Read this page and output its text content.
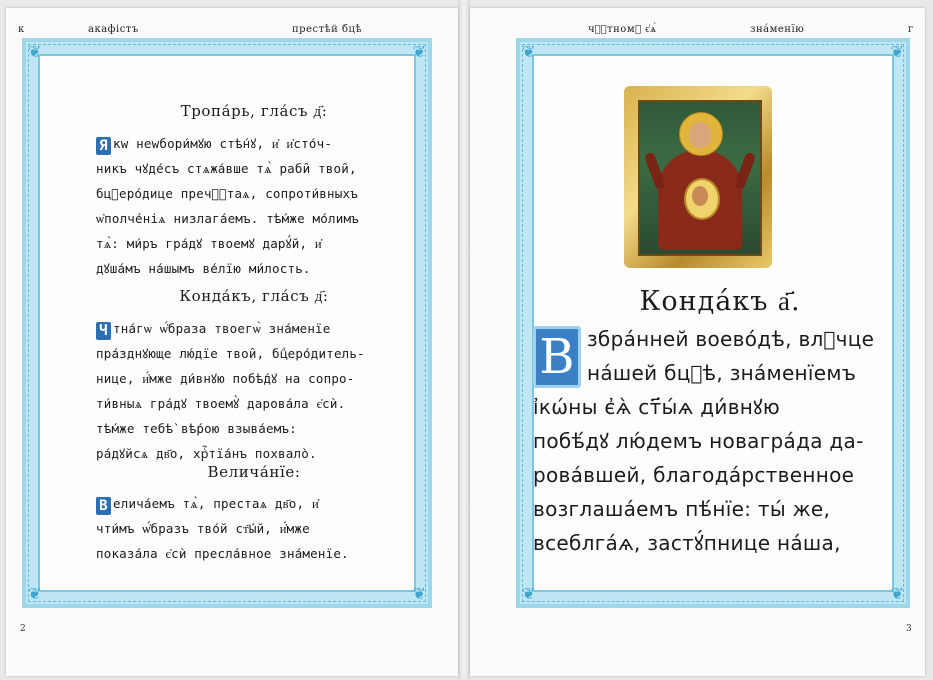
к	акафістъ	престѣй бцѣ
2
❦	❦
❦	❦

Тропа́рь, гла́съ д҃:

Я кw неwбори́мꙋю стѣ́нꙋ, и҆ и҆сто́ч-
никъ чꙋде́съ стѧжа́вше тѧ̀ раби̑ твои̑,
бцⷣеро́дице пречⷭ҇таѧ, сопроти́вныхъ
ѡ҆полче́ніѧ низлага́емъ. тѣ́мже мо́лимъ
тѧ̀: ми́ръ гра́дꙋ твоемꙋ дарꙋ́й, и҆
дꙋша́мъ на́шымъ ве́лїю ми́лость.

Конда́къ, гла́съ д҃:

Ч тна́гѡ ѡ҆́браза твоегѡ̀ зна́менїе
пра́зднꙋюще лю́дїе твои̑, бцⷣеро́дитель-
нице, и҆́мже ди́внꙋю побѣ́дꙋ на сопро-
ти́вныѧ гра́дꙋ твоемꙋ̀ дарова́ла є҆сѝ.
тѣ́мже тебѣ̀ вѣ́рою взыва́емъ:
ра́дꙋйсѧ дв҃о, хрⷭ҇тїа́нъ похвало̀.

Велича́нїе:

В елича́емъ тѧ̀, престаѧ дв҃о, и҆
чти́мъ ѡ҆́бразъ тво́й ст҃ы́й, и҆́мже
показа́ла є҆сѝ пресла́вное зна́менїе.

чⷭ҇тномꙋ є҆ѧ̀	зна́менїю	г
3
❦	❦
❦	❦
Конда́къ а҃.
В збра́нней воево́дѣ, влⷣчце
на́шей бцⷣѣ, зна́менїемъ
і҆кѡ́ны є҆ѧ̀ ст҃ы́ѧ ди́внꙋю
побѣ́дꙋ лю́демъ новагра́да да-
рова́вшей, благода́рственное
возглаша́емъ пѣ́нїе: ты́ же,
всеблга́ѧ, застꙋ́пнице на́ша,
